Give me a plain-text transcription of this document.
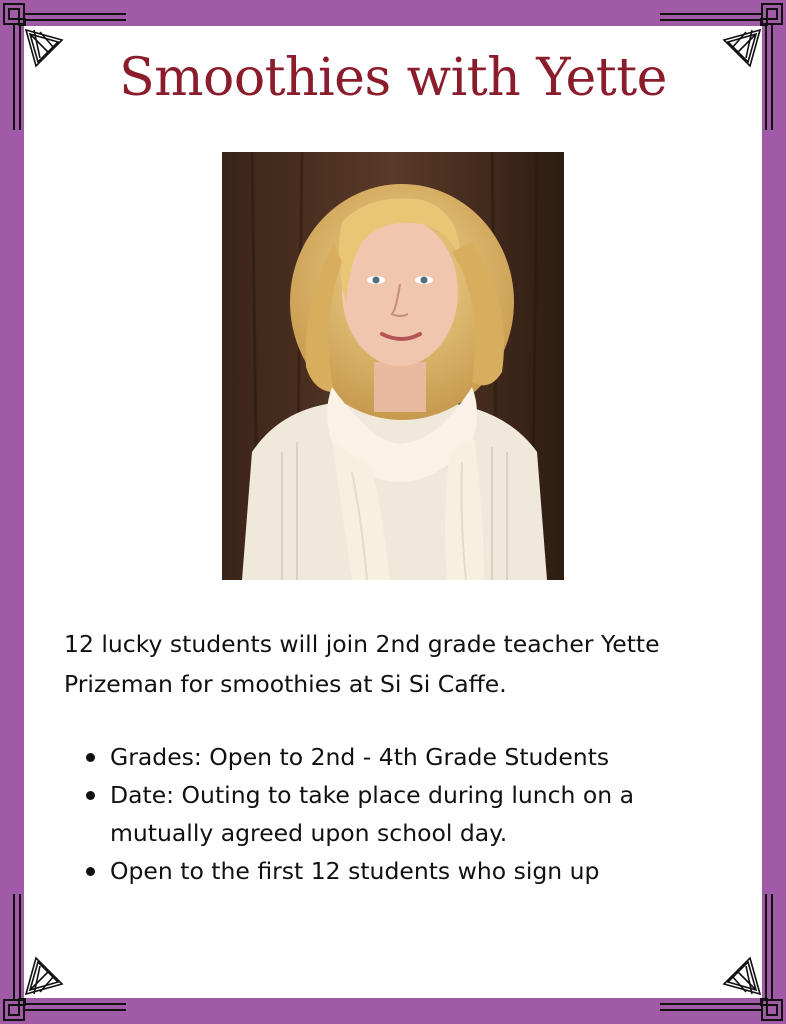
Smoothies with Yette

12 lucky students will join 2nd grade teacher Yette Prizeman for smoothies at Si Si Caffe.

Grades: Open to 2nd - 4th Grade Students
Date: Outing to take place during lunch on a mutually agreed upon school day.
Open to the first 12 students who sign up
